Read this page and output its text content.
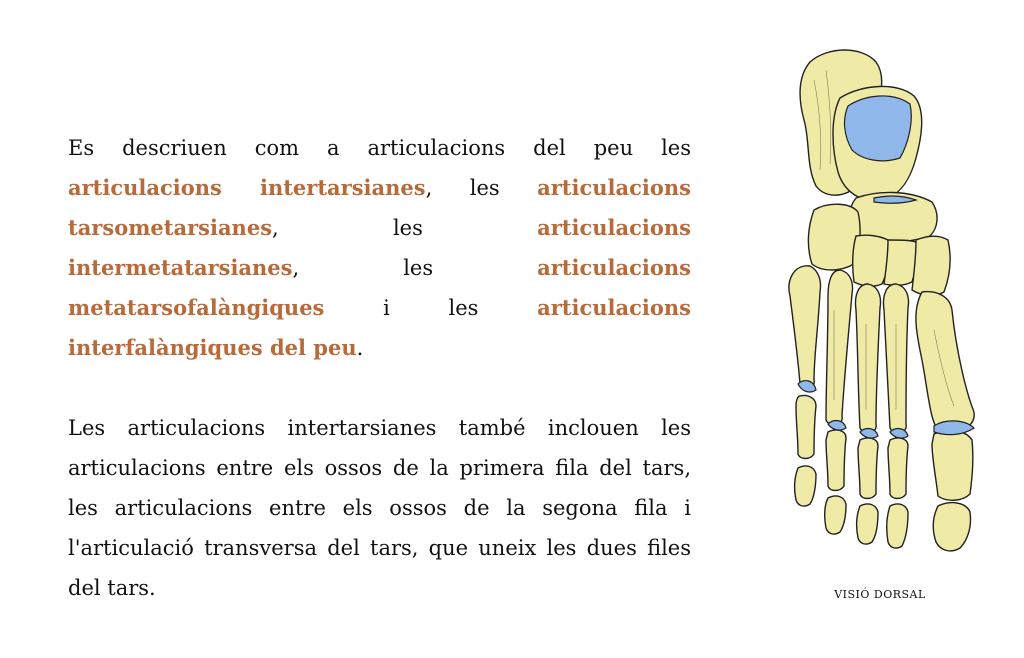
Es descriuen com a articulacions del peu les articulacions intertarsianes, les articulacions tarsometarsianes, les articulacions intermetatarsianes, les articulacions metatarsofalàngiques i les articulacions interfalàngiques del peu.

Les articulacions intertarsianes també inclouen les articulacions entre els ossos de la primera fila del tars, les articulacions entre els ossos de la segona fila i l'articulació transversa del tars, que uneix les dues files del tars.	VISIÓ DORSAL
